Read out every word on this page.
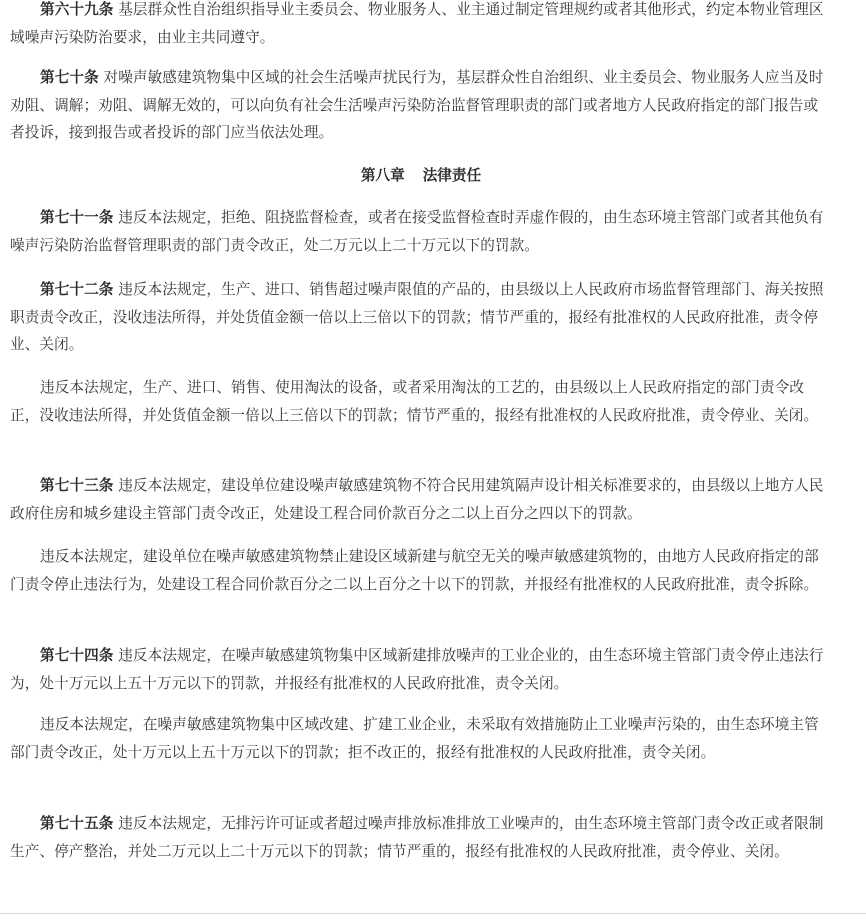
第六十九条 基层群众性自治组织指导业主委员会、物业服务人、业主通过制定管理规约或者其他形式，约定本物业管理区域噪声污染防治要求，由业主共同遵守。

第七十条 对噪声敏感建筑物集中区域的社会生活噪声扰民行为，基层群众性自治组织、业主委员会、物业服务人应当及时劝阻、调解；劝阻、调解无效的，可以向负有社会生活噪声污染防治监督管理职责的部门或者地方人民政府指定的部门报告或者投诉，接到报告或者投诉的部门应当依法处理。

第八章 法律责任

第七十一条 违反本法规定，拒绝、阻挠监督检查，或者在接受监督检查时弄虚作假的，由生态环境主管部门或者其他负有噪声污染防治监督管理职责的部门责令改正，处二万元以上二十万元以下的罚款。

第七十二条 违反本法规定，生产、进口、销售超过噪声限值的产品的，由县级以上人民政府市场监督管理部门、海关按照职责责令改正，没收违法所得，并处货值金额一倍以上三倍以下的罚款；情节严重的，报经有批准权的人民政府批准，责令停业、关闭。

违反本法规定，生产、进口、销售、使用淘汰的设备，或者采用淘汰的工艺的，由县级以上人民政府指定的部门责令改正，没收违法所得，并处货值金额一倍以上三倍以下的罚款；情节严重的，报经有批准权的人民政府批准，责令停业、关闭。

第七十三条 违反本法规定，建设单位建设噪声敏感建筑物不符合民用建筑隔声设计相关标准要求的，由县级以上地方人民政府住房和城乡建设主管部门责令改正，处建设工程合同价款百分之二以上百分之四以下的罚款。

违反本法规定，建设单位在噪声敏感建筑物禁止建设区域新建与航空无关的噪声敏感建筑物的，由地方人民政府指定的部门责令停止违法行为，处建设工程合同价款百分之二以上百分之十以下的罚款，并报经有批准权的人民政府批准，责令拆除。

第七十四条 违反本法规定，在噪声敏感建筑物集中区域新建排放噪声的工业企业的，由生态环境主管部门责令停止违法行为，处十万元以上五十万元以下的罚款，并报经有批准权的人民政府批准，责令关闭。

违反本法规定，在噪声敏感建筑物集中区域改建、扩建工业企业，未采取有效措施防止工业噪声污染的，由生态环境主管部门责令改正，处十万元以上五十万元以下的罚款；拒不改正的，报经有批准权的人民政府批准，责令关闭。

第七十五条 违反本法规定，无排污许可证或者超过噪声排放标准排放工业噪声的，由生态环境主管部门责令改正或者限制生产、停产整治，并处二万元以上二十万元以下的罚款；情节严重的，报经有批准权的人民政府批准，责令停业、关闭。
